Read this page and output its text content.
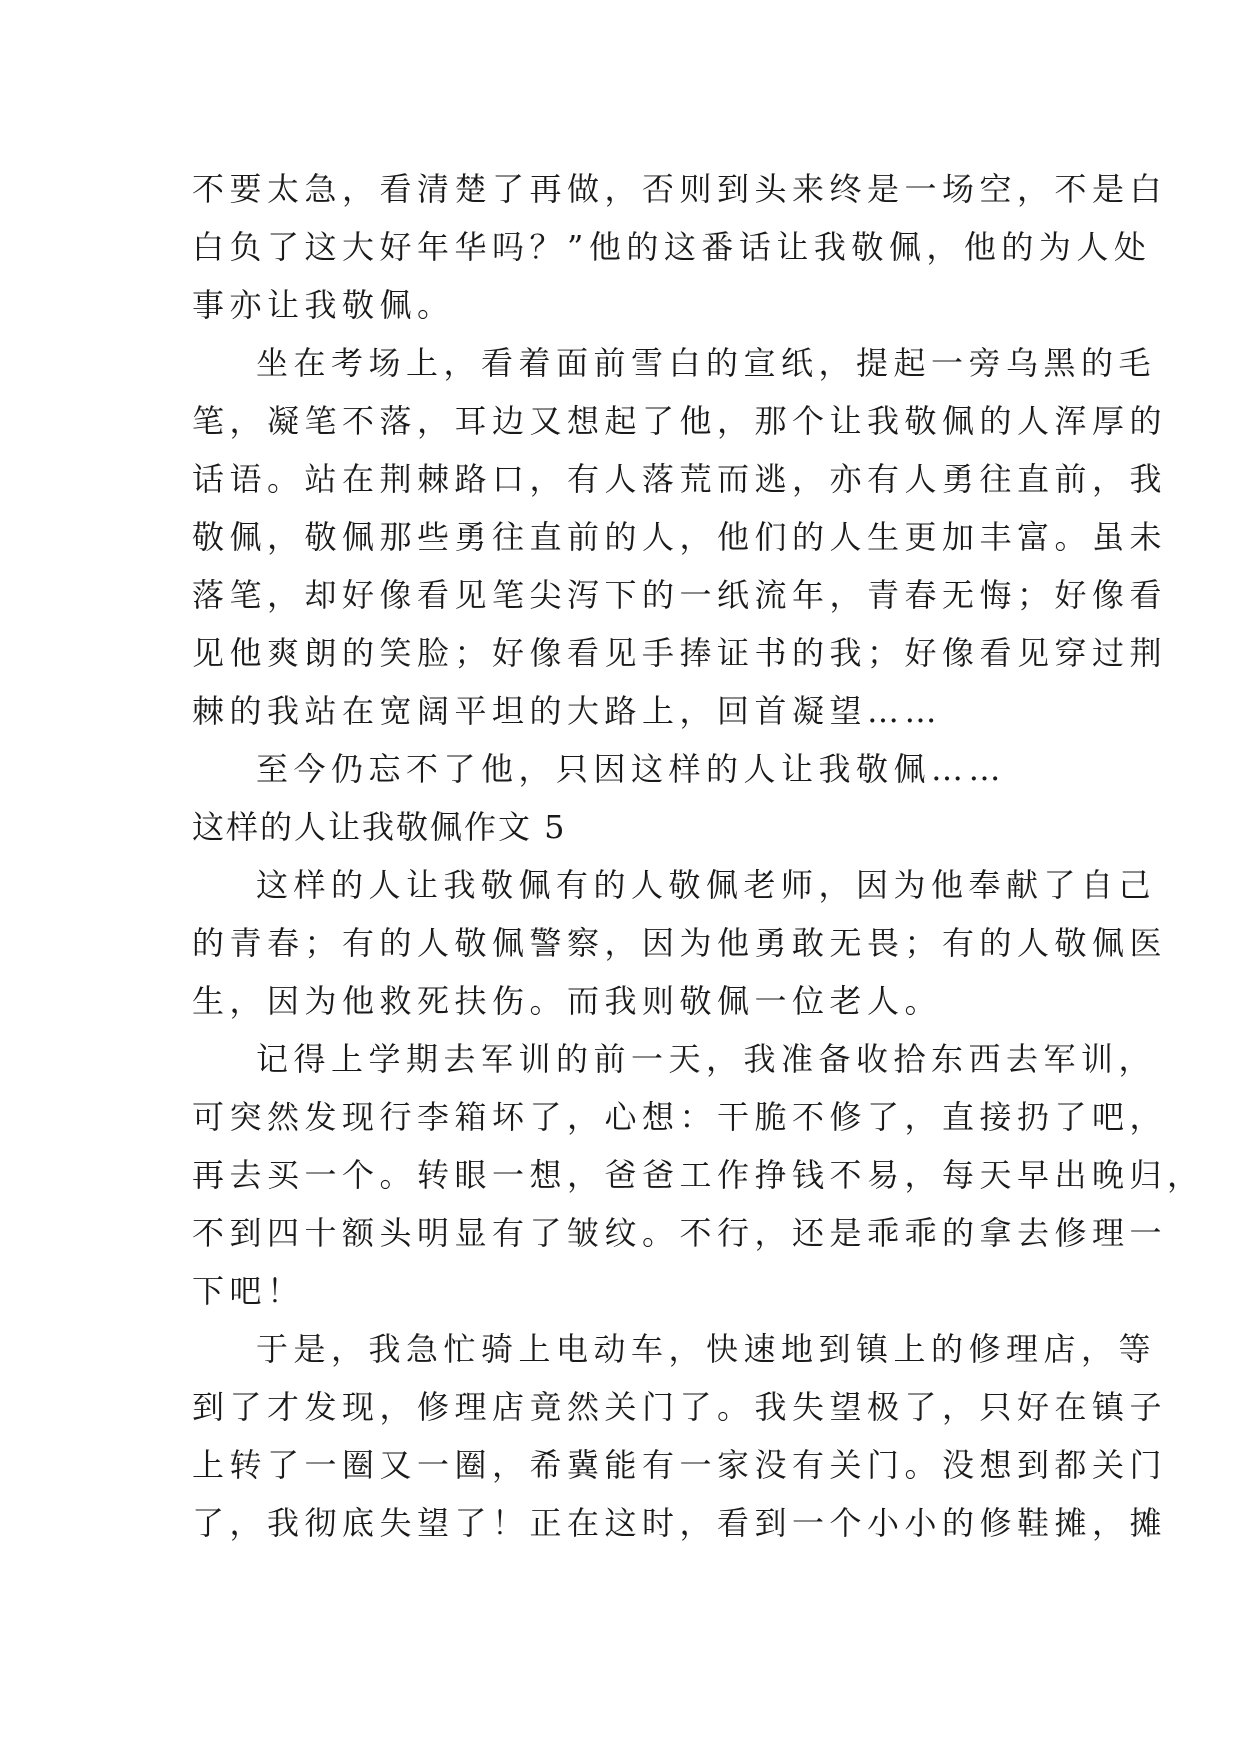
不要太急，看清楚了再做，否则到头来终是一场空，不是白
白负了这大好年华吗？”他的这番话让我敬佩，他的为人处
事亦让我敬佩。
坐在考场上，看着面前雪白的宣纸，提起一旁乌黑的毛
笔，凝笔不落，耳边又想起了他，那个让我敬佩的人浑厚的
话语。站在荆棘路口，有人落荒而逃，亦有人勇往直前，我
敬佩，敬佩那些勇往直前的人，他们的人生更加丰富。虽未
落笔，却好像看见笔尖泻下的一纸流年，青春无悔；好像看
见他爽朗的笑脸；好像看见手捧证书的我；好像看见穿过荆
棘的我站在宽阔平坦的大路上，回首凝望……
至今仍忘不了他，只因这样的人让我敬佩……
这样的人让我敬佩作文 5
这样的人让我敬佩有的人敬佩老师，因为他奉献了自己
的青春；有的人敬佩警察，因为他勇敢无畏；有的人敬佩医
生，因为他救死扶伤。而我则敬佩一位老人。
记得上学期去军训的前一天，我准备收拾东西去军训，
可突然发现行李箱坏了，心想：干脆不修了，直接扔了吧，
再去买一个。转眼一想，爸爸工作挣钱不易，每天早出晚归，
不到四十额头明显有了皱纹。不行，还是乖乖的拿去修理一
下吧！
于是，我急忙骑上电动车，快速地到镇上的修理店，等
到了才发现，修理店竟然关门了。我失望极了，只好在镇子
上转了一圈又一圈，希冀能有一家没有关门。没想到都关门
了，我彻底失望了！正在这时，看到一个小小的修鞋摊，摊
